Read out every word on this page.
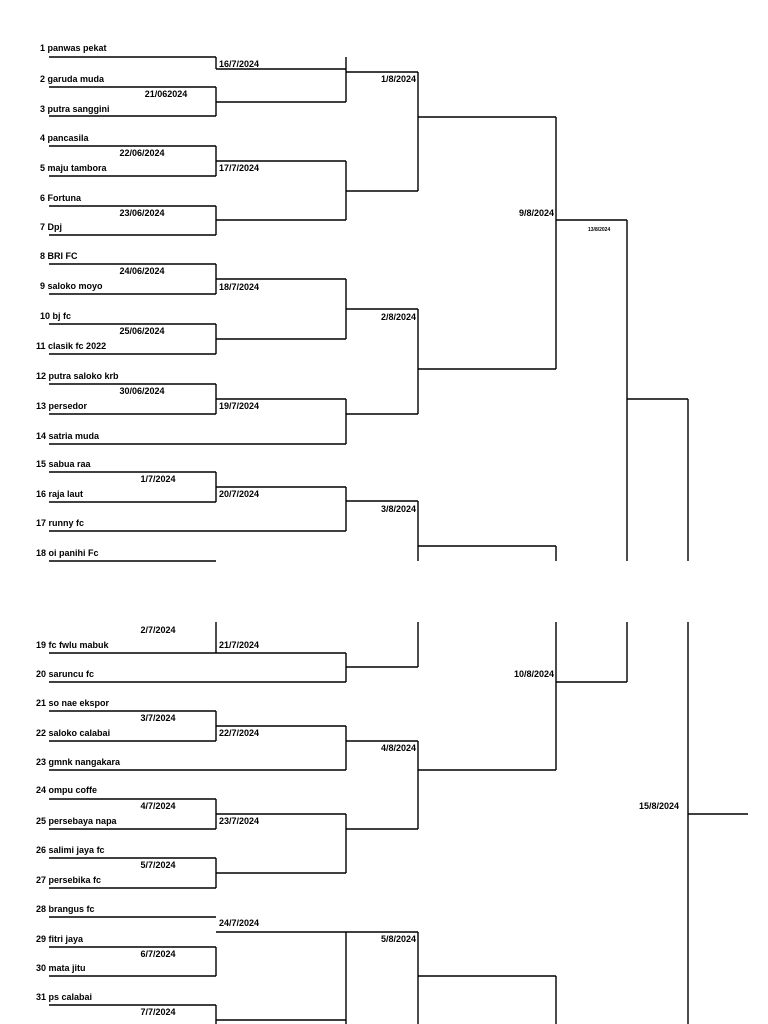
1 panwas pekat
2 garuda muda
3 putra sanggini
4 pancasila
5 maju tambora
6 Fortuna
7 Dpj
8 BRI FC
9 saloko moyo
10 bj fc
11 clasik fc 2022
12 putra saloko krb
13 persedor
14 satria muda
15 sabua raa
16 raja laut
17 runny fc
18 oi panihi Fc
19 fc fwlu mabuk
20 saruncu fc
21 so nae ekspor
22 saloko calabai
23 gmnk nangakara
24 ompu coffe
25 persebaya napa
26 salimi jaya fc
27 persebika fc
28 brangus fc
29 fitri jaya
30 mata jitu
31 ps calabai
21/062024
22/06/2024
23/06/2024
24/06/2024
25/06/2024
30/06/2024
1/7/2024
2/7/2024
3/7/2024
4/7/2024
5/7/2024
6/7/2024
7/7/2024
16/7/2024
17/7/2024
18/7/2024
19/7/2024
20/7/2024
21/7/2024
22/7/2024
23/7/2024
24/7/2024
1/8/2024
2/8/2024
3/8/2024
4/8/2024
5/8/2024
9/8/2024
10/8/2024
13/8/2024
15/8/2024
